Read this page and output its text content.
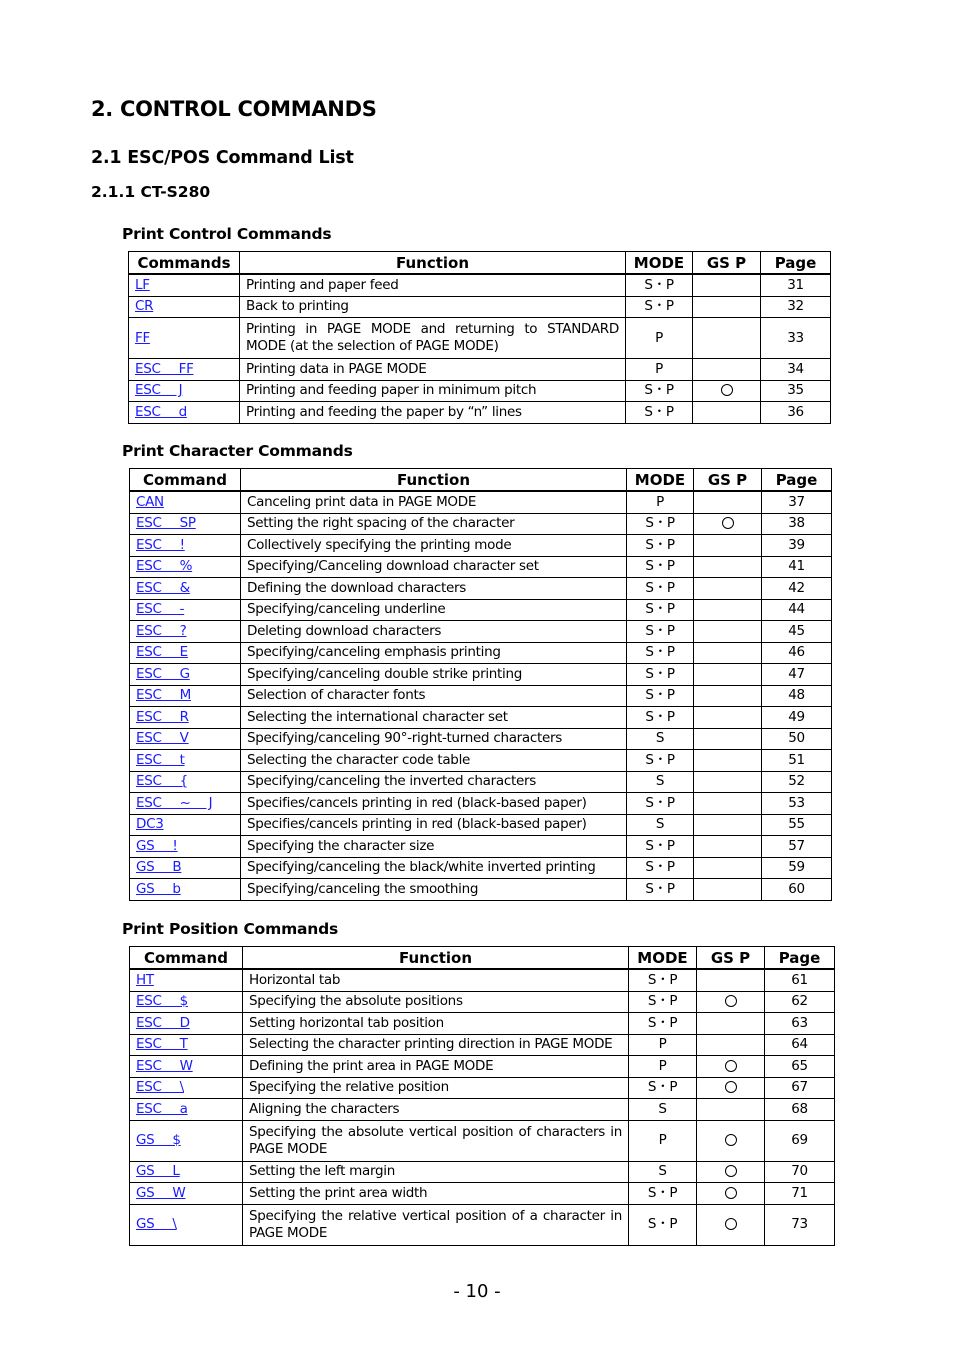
2. CONTROL COMMANDS
2.1 ESC/POS Command List
2.1.1 CT-S280
Print Control Commands
Commands	Function	MODE	GS P	Page
LF	Printing and paper feed	S・P		31
CR	Back to printing	S・P		32
FF	Printing in PAGE MODE and returning to STANDARD MODE (at the selection of PAGE MODE)	P		33
ESC FF	Printing data in PAGE MODE	P		34
ESC J	Printing and feeding paper in minimum pitch	S・P		35
ESC d	Printing and feeding the paper by “n” lines	S・P		36
Print Character Commands
Command	Function	MODE	GS P	Page
CAN	Canceling print data in PAGE MODE	P		37
ESC SP	Setting the right spacing of the character	S・P		38
ESC !	Collectively specifying the printing mode	S・P		39
ESC %	Specifying/Canceling download character set	S・P		41
ESC &	Defining the download characters	S・P		42
ESC -	Specifying/canceling underline	S・P		44
ESC ?	Deleting download characters	S・P		45
ESC E	Specifying/canceling emphasis printing	S・P		46
ESC G	Specifying/canceling double strike printing	S・P		47
ESC M	Selection of character fonts	S・P		48
ESC R	Selecting the international character set	S・P		49
ESC V	Specifying/canceling 90°-right-turned characters	S		50
ESC t	Selecting the character code table	S・P		51
ESC {	Specifying/canceling the inverted characters	S		52
ESC ~ J	Specifies/cancels printing in red (black-based paper)	S・P		53
DC3	Specifies/cancels printing in red (black-based paper)	S		55
GS !	Specifying the character size	S・P		57
GS B	Specifying/canceling the black/white inverted printing	S・P		59
GS b	Specifying/canceling the smoothing	S・P		60
Print Position Commands
Command	Function	MODE	GS P	Page
HT	Horizontal tab	S・P		61
ESC $	Specifying the absolute positions	S・P		62
ESC D	Setting horizontal tab position	S・P		63
ESC T	Selecting the character printing direction in PAGE MODE	P		64
ESC W	Defining the print area in PAGE MODE	P		65
ESC \	Specifying the relative position	S・P		67
ESC a	Aligning the characters	S		68
GS $	Specifying the absolute vertical position of characters in PAGE MODE	P		69
GS L	Setting the left margin	S		70
GS W	Setting the print area width	S・P		71
GS \	Specifying the relative vertical position of a character in PAGE MODE	S・P		73
- 10 -
